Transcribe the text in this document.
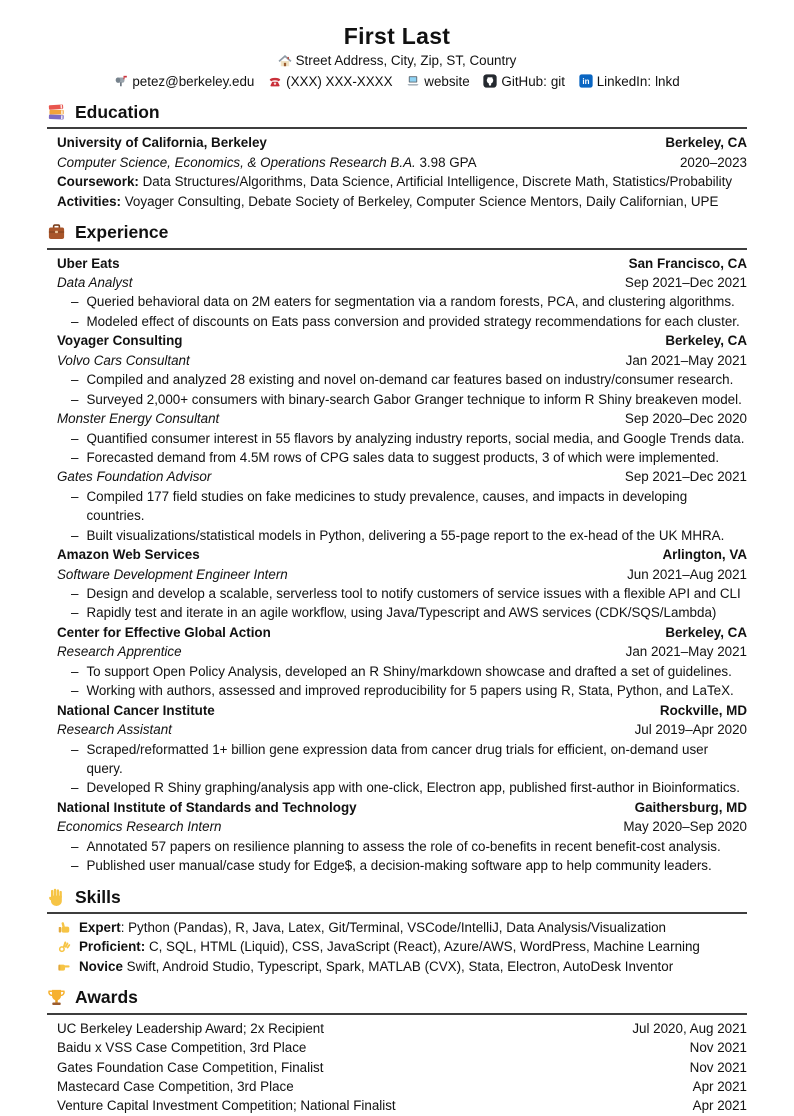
First Last
Street Address, City, Zip, ST, Country
petez@berkeley.edu
(XXX) XXX-XXXX
website
GitHub: git
in LinkedIn: lnkd
Education
University of California, Berkeley	Berkeley, CA
Computer Science, Economics, & Operations Research B.A. 3.98 GPA	2020–2023
Coursework: Data Structures/Algorithms, Data Science, Artificial Intelligence, Discrete Math, Statistics/Probability
Activities: Voyager Consulting, Debate Society of Berkeley, Computer Science Mentors, Daily Californian, UPE
Experience
Uber Eats	San Francisco, CA
Data Analyst	Sep 2021–Dec 2021
– Queried behavioral data on 2M eaters for segmentation via a random forests, PCA, and clustering algorithms.
– Modeled effect of discounts on Eats pass conversion and provided strategy recommendations for each cluster.
Voyager Consulting	Berkeley, CA
Volvo Cars Consultant	Jan 2021–May 2021
– Compiled and analyzed 28 existing and novel on-demand car features based on industry/consumer research.
– Surveyed 2,000+ consumers with binary-search Gabor Granger technique to inform R Shiny breakeven model.
Monster Energy Consultant	Sep 2020–Dec 2020
– Quantified consumer interest in 55 flavors by analyzing industry reports, social media, and Google Trends data.
– Forecasted demand from 4.5M rows of CPG sales data to suggest products, 3 of which were implemented.
Gates Foundation Advisor	Sep 2021–Dec 2021
– Compiled 177 field studies on fake medicines to study prevalence, causes, and impacts in developing countries.
– Built visualizations/statistical models in Python, delivering a 55-page report to the ex-head of the UK MHRA.
Amazon Web Services	Arlington, VA
Software Development Engineer Intern	Jun 2021–Aug 2021
– Design and develop a scalable, serverless tool to notify customers of service issues with a flexible API and CLI
– Rapidly test and iterate in an agile workflow, using Java/Typescript and AWS services (CDK/SQS/Lambda)
Center for Effective Global Action	Berkeley, CA
Research Apprentice	Jan 2021–May 2021
– To support Open Policy Analysis, developed an R Shiny/markdown showcase and drafted a set of guidelines.
– Working with authors, assessed and improved reproducibility for 5 papers using R, Stata, Python, and LaTeX.
National Cancer Institute	Rockville, MD
Research Assistant	Jul 2019–Apr 2020
– Scraped/reformatted 1+ billion gene expression data from cancer drug trials for efficient, on-demand user query.
– Developed R Shiny graphing/analysis app with one-click, Electron app, published first-author in Bioinformatics.
National Institute of Standards and Technology	Gaithersburg, MD
Economics Research Intern	May 2020–Sep 2020
– Annotated 57 papers on resilience planning to assess the role of co-benefits in recent benefit-cost analysis.
– Published user manual/case study for Edge$, a decision-making software app to help community leaders.
Skills
Expert: Python (Pandas), R, Java, Latex, Git/Terminal, VSCode/IntelliJ, Data Analysis/Visualization
Proficient: C, SQL, HTML (Liquid), CSS, JavaScript (React), Azure/AWS, WordPress, Machine Learning
Novice Swift, Android Studio, Typescript, Spark, MATLAB (CVX), Stata, Electron, AutoDesk Inventor
Awards
UC Berkeley Leadership Award; 2x Recipient	Jul 2020, Aug 2021
Baidu x VSS Case Competition, 3rd Place	Nov 2021
Gates Foundation Case Competition, Finalist	Nov 2021
Mastecard Case Competition, 3rd Place	Apr 2021
Venture Capital Investment Competition; National Finalist	Apr 2021
